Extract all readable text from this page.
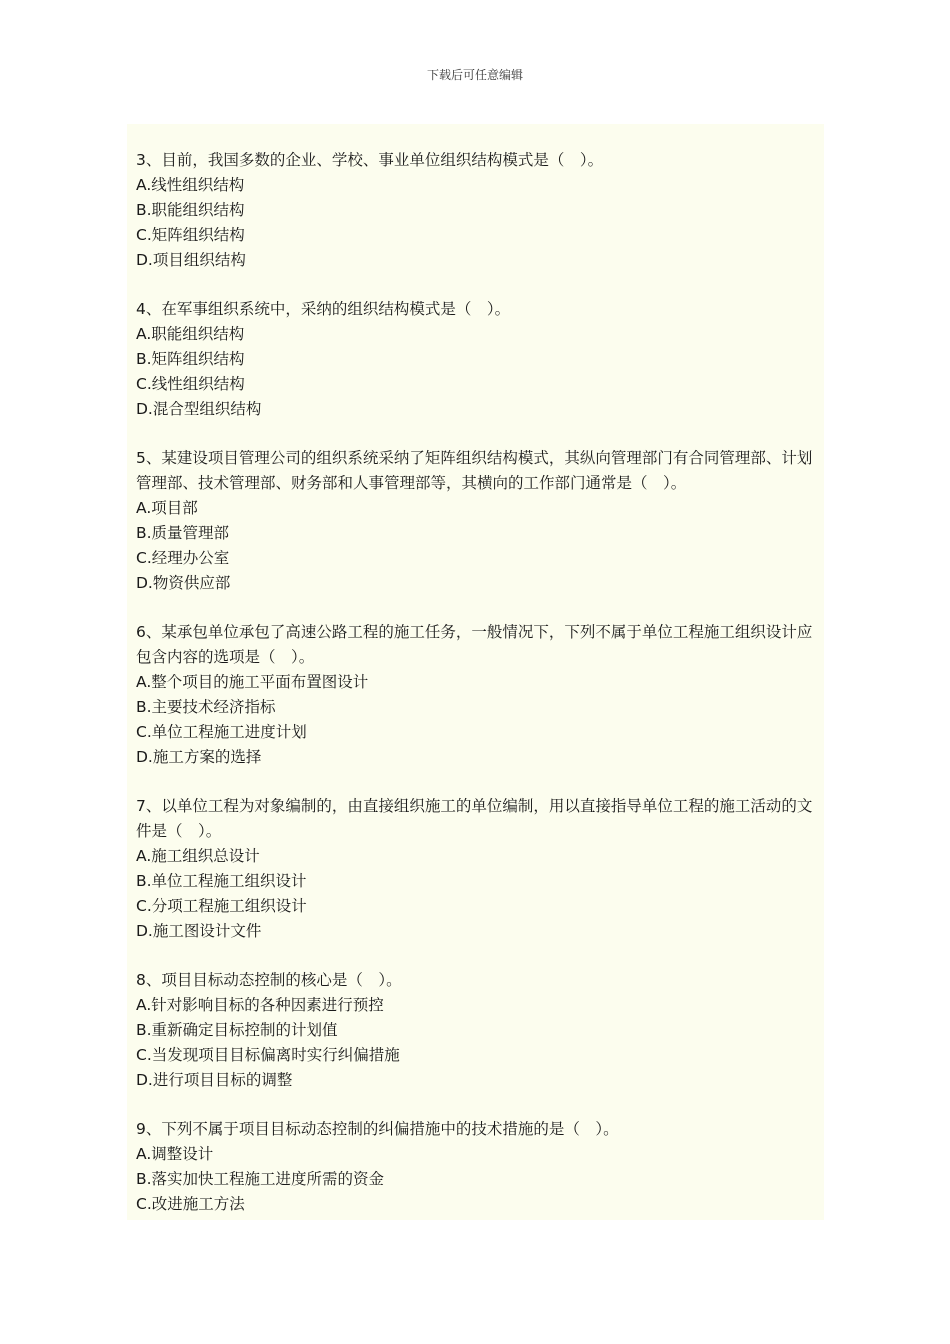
下载后可任意编辑

3、目前，我国多数的企业、学校、事业单位组织结构模式是（　）。

A.线性组织结构

B.职能组织结构

C.矩阵组织结构

D.项目组织结构

4、在军事组织系统中，采纳的组织结构模式是（　）。

A.职能组织结构

B.矩阵组织结构

C.线性组织结构

D.混合型组织结构

5、某建设项目管理公司的组织系统采纳了矩阵组织结构模式，其纵向管理部门有合同管理部、计划管理部、技术管理部、财务部和人事管理部等，其横向的工作部门通常是（　）。

A.项目部

B.质量管理部

C.经理办公室

D.物资供应部

6、某承包单位承包了高速公路工程的施工任务，一般情况下，下列不属于单位工程施工组织设计应包含内容的选项是（　）。

A.整个项目的施工平面布置图设计

B.主要技术经济指标

C.单位工程施工进度计划

D.施工方案的选择

7、以单位工程为对象编制的，由直接组织施工的单位编制，用以直接指导单位工程的施工活动的文件是（　）。

A.施工组织总设计

B.单位工程施工组织设计

C.分项工程施工组织设计

D.施工图设计文件

8、项目目标动态控制的核心是（　）。

A.针对影响目标的各种因素进行预控

B.重新确定目标控制的计划值

C.当发现项目目标偏离时实行纠偏措施

D.进行项目目标的调整

9、下列不属于项目目标动态控制的纠偏措施中的技术措施的是（　）。

A.调整设计

B.落实加快工程施工进度所需的资金

C.改进施工方法
